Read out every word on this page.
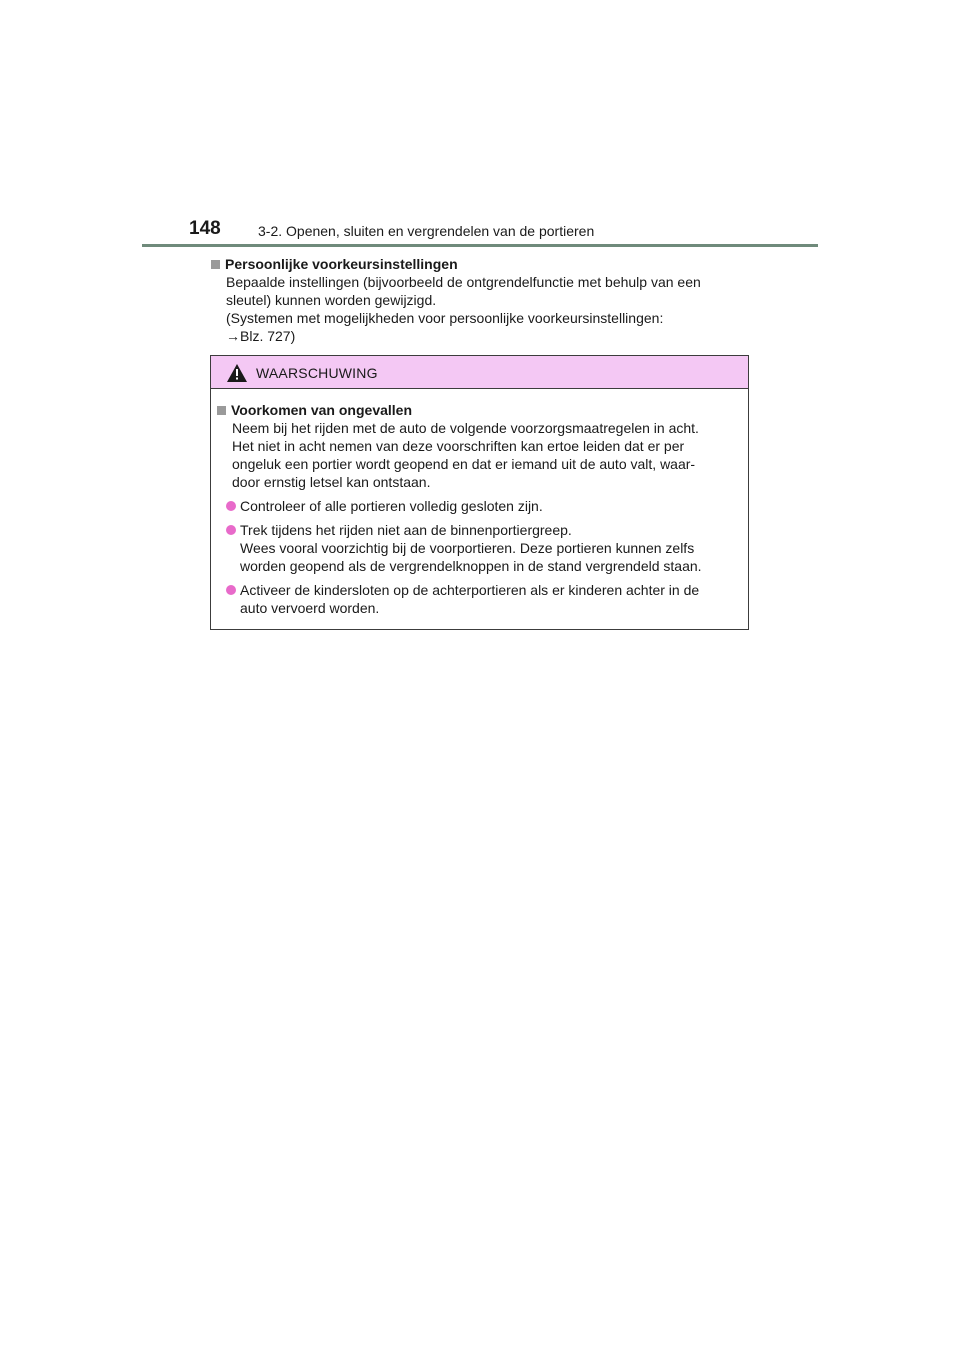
148	3-2. Openen, sluiten en vergrendelen van de portieren
Persoonlijke voorkeursinstellingen
Bepaalde instellingen (bijvoorbeeld de ontgrendelfunctie met behulp van een
sleutel) kunnen worden gewijzigd.
(Systemen met mogelijkheden voor persoonlijke voorkeursinstellingen:
→Blz. 727)
WAARSCHUWING
Voorkomen van ongevallen
Neem bij het rijden met de auto de volgende voorzorgsmaatregelen in acht.
Het niet in acht nemen van deze voorschriften kan ertoe leiden dat er per
ongeluk een portier wordt geopend en dat er iemand uit de auto valt, waar-
door ernstig letsel kan ontstaan.
Controleer of alle portieren volledig gesloten zijn.
Trek tijdens het rijden niet aan de binnenportiergreep.
Wees vooral voorzichtig bij de voorportieren. Deze portieren kunnen zelfs
worden geopend als de vergrendelknoppen in de stand vergrendeld staan.
Activeer de kindersloten op de achterportieren als er kinderen achter in de
auto vervoerd worden.
